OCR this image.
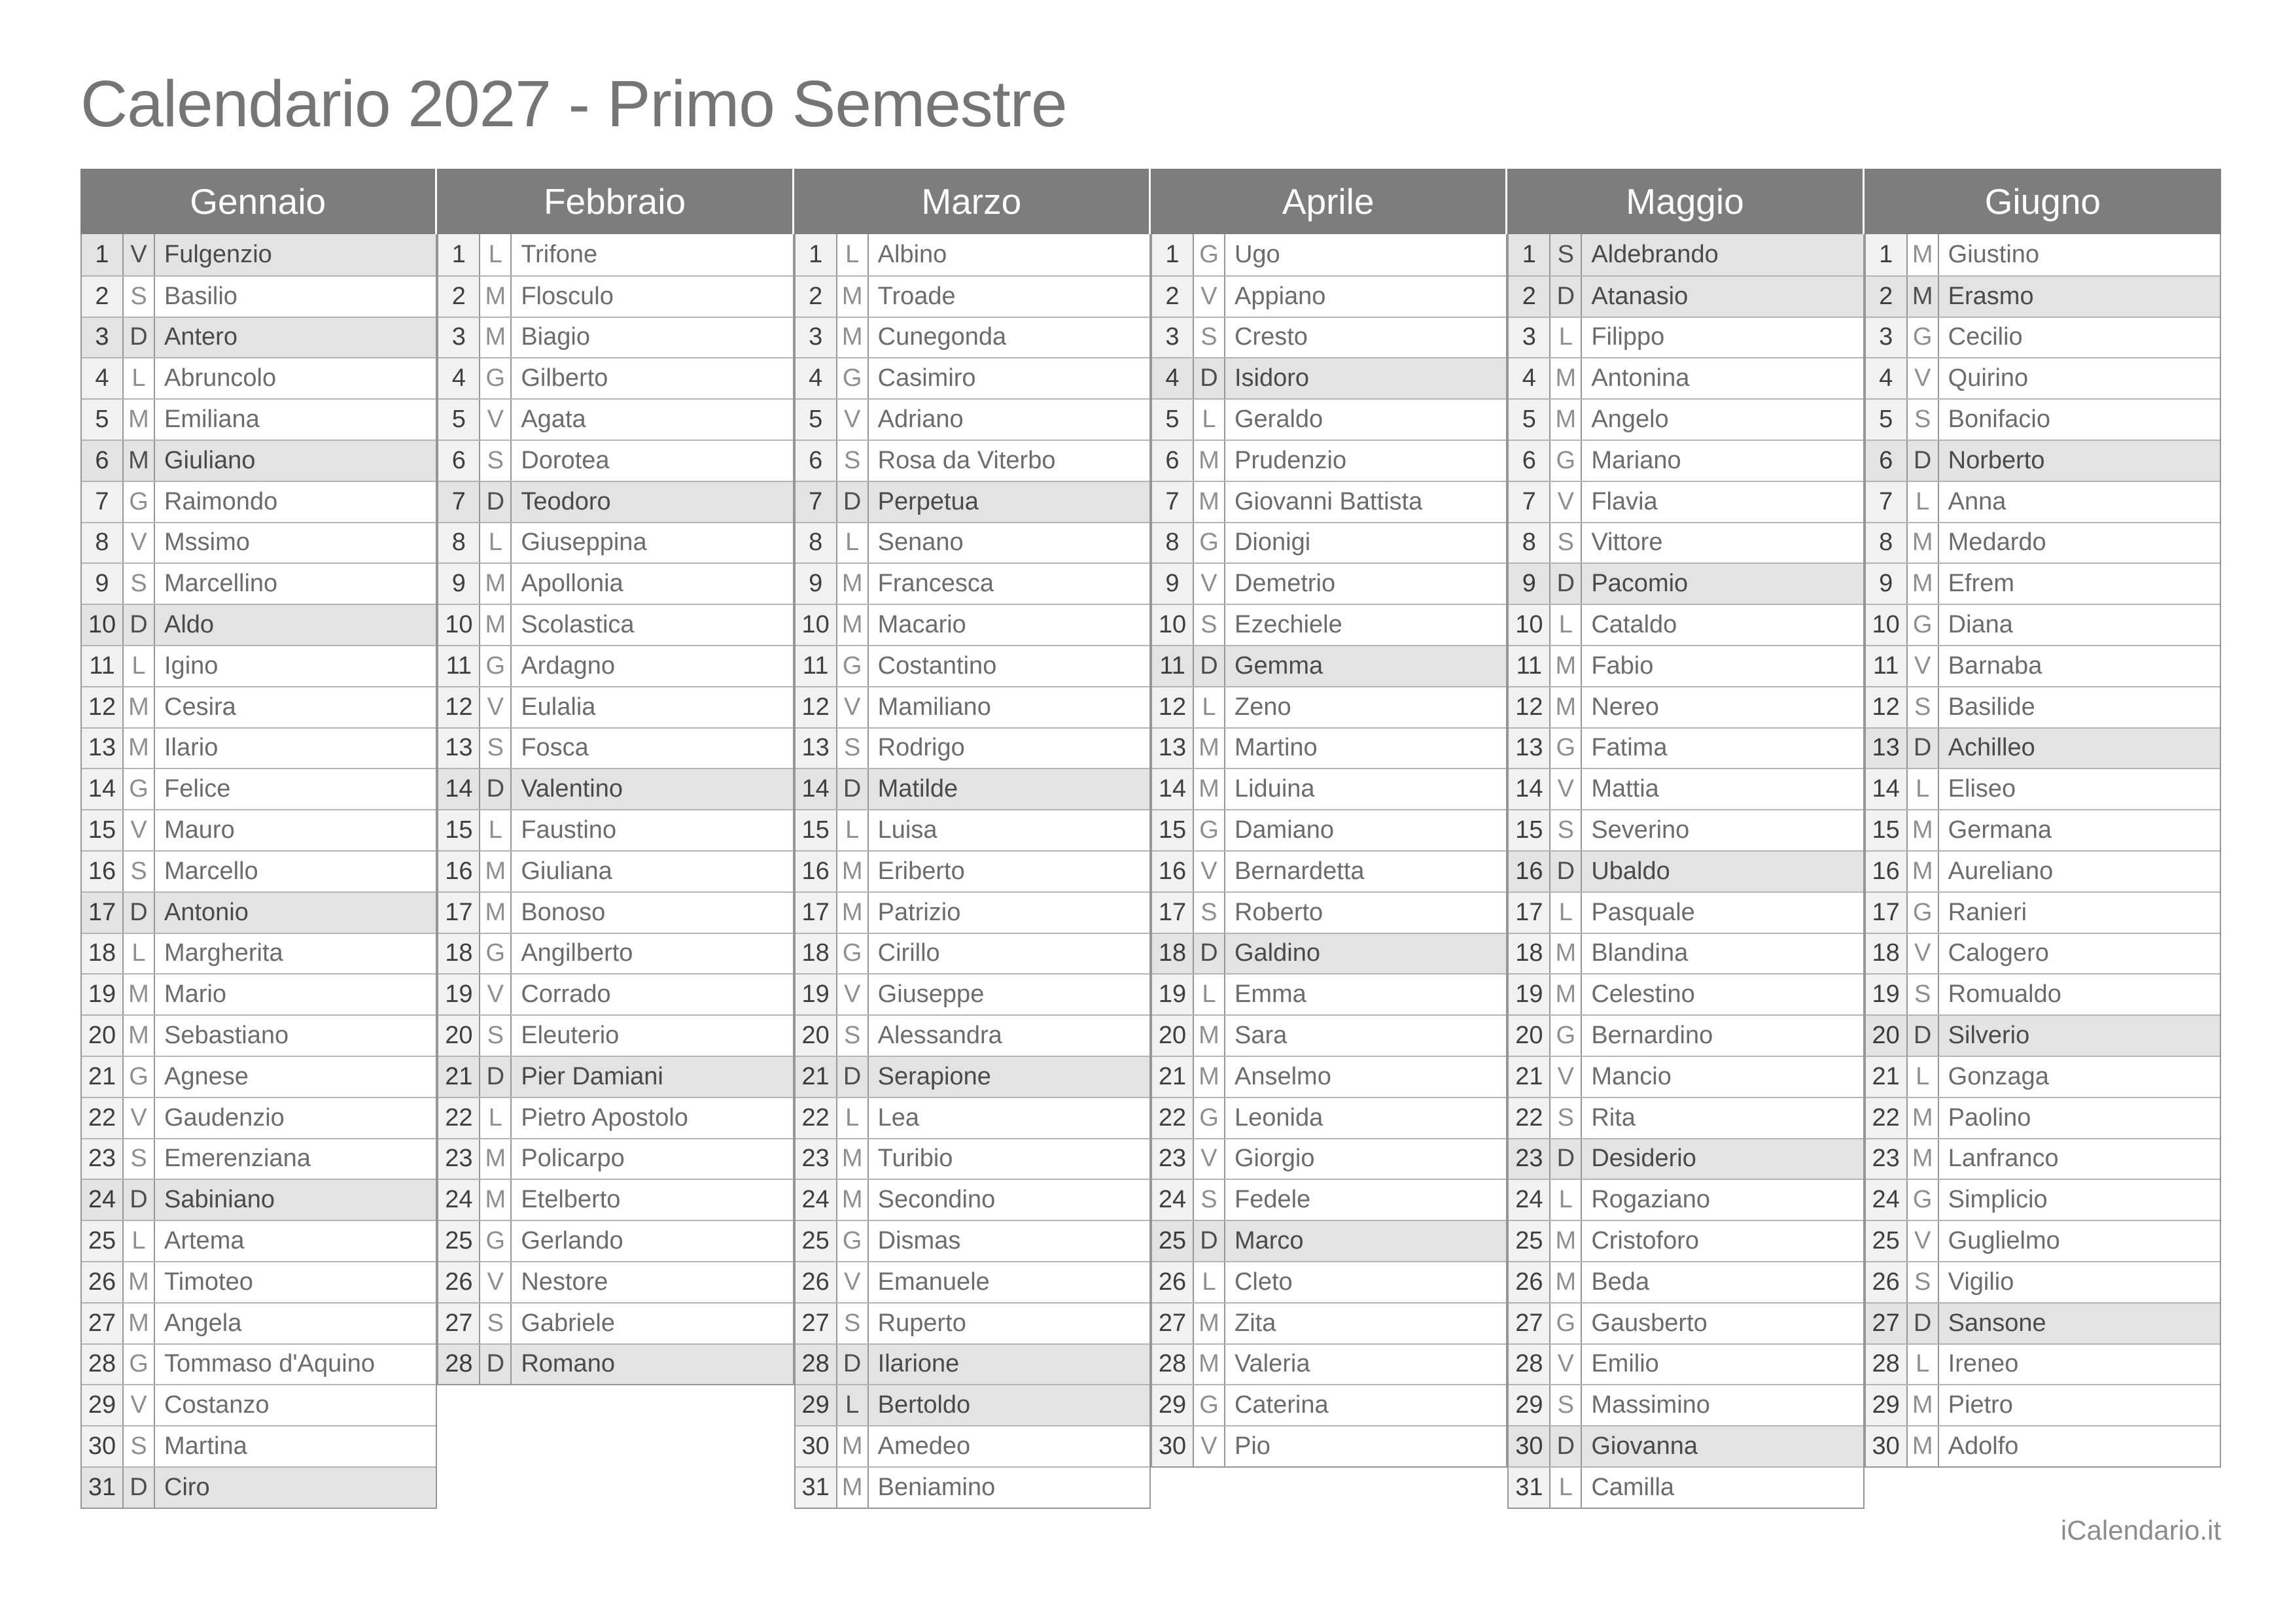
Calendario 2027 - Primo Semestre
Gennaio
1 V Fulgenzio
2 S Basilio
3 D Antero
4 L Abruncolo
5 M Emiliana
6 M Giuliano
7 G Raimondo
8 V Mssimo
9 S Marcellino
10 D Aldo
11 L Igino
12 M Cesira
13 M Ilario
14 G Felice
15 V Mauro
16 S Marcello
17 D Antonio
18 L Margherita
19 M Mario
20 M Sebastiano
21 G Agnese
22 V Gaudenzio
23 S Emerenziana
24 D Sabiniano
25 L Artema
26 M Timoteo
27 M Angela
28 G Tommaso d'Aquino
29 V Costanzo
30 S Martina
31 D Ciro
Febbraio
1 L Trifone
2 M Flosculo
3 M Biagio
4 G Gilberto
5 V Agata
6 S Dorotea
7 D Teodoro
8 L Giuseppina
9 M Apollonia
10 M Scolastica
11 G Ardagno
12 V Eulalia
13 S Fosca
14 D Valentino
15 L Faustino
16 M Giuliana
17 M Bonoso
18 G Angilberto
19 V Corrado
20 S Eleuterio
21 D Pier Damiani
22 L Pietro Apostolo
23 M Policarpo
24 M Etelberto
25 G Gerlando
26 V Nestore
27 S Gabriele
28 D Romano
Marzo
1 L Albino
2 M Troade
3 M Cunegonda
4 G Casimiro
5 V Adriano
6 S Rosa da Viterbo
7 D Perpetua
8 L Senano
9 M Francesca
10 M Macario
11 G Costantino
12 V Mamiliano
13 S Rodrigo
14 D Matilde
15 L Luisa
16 M Eriberto
17 M Patrizio
18 G Cirillo
19 V Giuseppe
20 S Alessandra
21 D Serapione
22 L Lea
23 M Turibio
24 M Secondino
25 G Dismas
26 V Emanuele
27 S Ruperto
28 D Ilarione
29 L Bertoldo
30 M Amedeo
31 M Beniamino
Aprile
1 G Ugo
2 V Appiano
3 S Cresto
4 D Isidoro
5 L Geraldo
6 M Prudenzio
7 M Giovanni Battista
8 G Dionigi
9 V Demetrio
10 S Ezechiele
11 D Gemma
12 L Zeno
13 M Martino
14 M Liduina
15 G Damiano
16 V Bernardetta
17 S Roberto
18 D Galdino
19 L Emma
20 M Sara
21 M Anselmo
22 G Leonida
23 V Giorgio
24 S Fedele
25 D Marco
26 L Cleto
27 M Zita
28 M Valeria
29 G Caterina
30 V Pio
Maggio
1 S Aldebrando
2 D Atanasio
3 L Filippo
4 M Antonina
5 M Angelo
6 G Mariano
7 V Flavia
8 S Vittore
9 D Pacomio
10 L Cataldo
11 M Fabio
12 M Nereo
13 G Fatima
14 V Mattia
15 S Severino
16 D Ubaldo
17 L Pasquale
18 M Blandina
19 M Celestino
20 G Bernardino
21 V Mancio
22 S Rita
23 D Desiderio
24 L Rogaziano
25 M Cristoforo
26 M Beda
27 G Gausberto
28 V Emilio
29 S Massimino
30 D Giovanna
31 L Camilla
Giugno
1 M Giustino
2 M Erasmo
3 G Cecilio
4 V Quirino
5 S Bonifacio
6 D Norberto
7 L Anna
8 M Medardo
9 M Efrem
10 G Diana
11 V Barnaba
12 S Basilide
13 D Achilleo
14 L Eliseo
15 M Germana
16 M Aureliano
17 G Ranieri
18 V Calogero
19 S Romualdo
20 D Silverio
21 L Gonzaga
22 M Paolino
23 M Lanfranco
24 G Simplicio
25 V Guglielmo
26 S Vigilio
27 D Sansone
28 L Ireneo
29 M Pietro
30 M Adolfo
iCalendario.it
